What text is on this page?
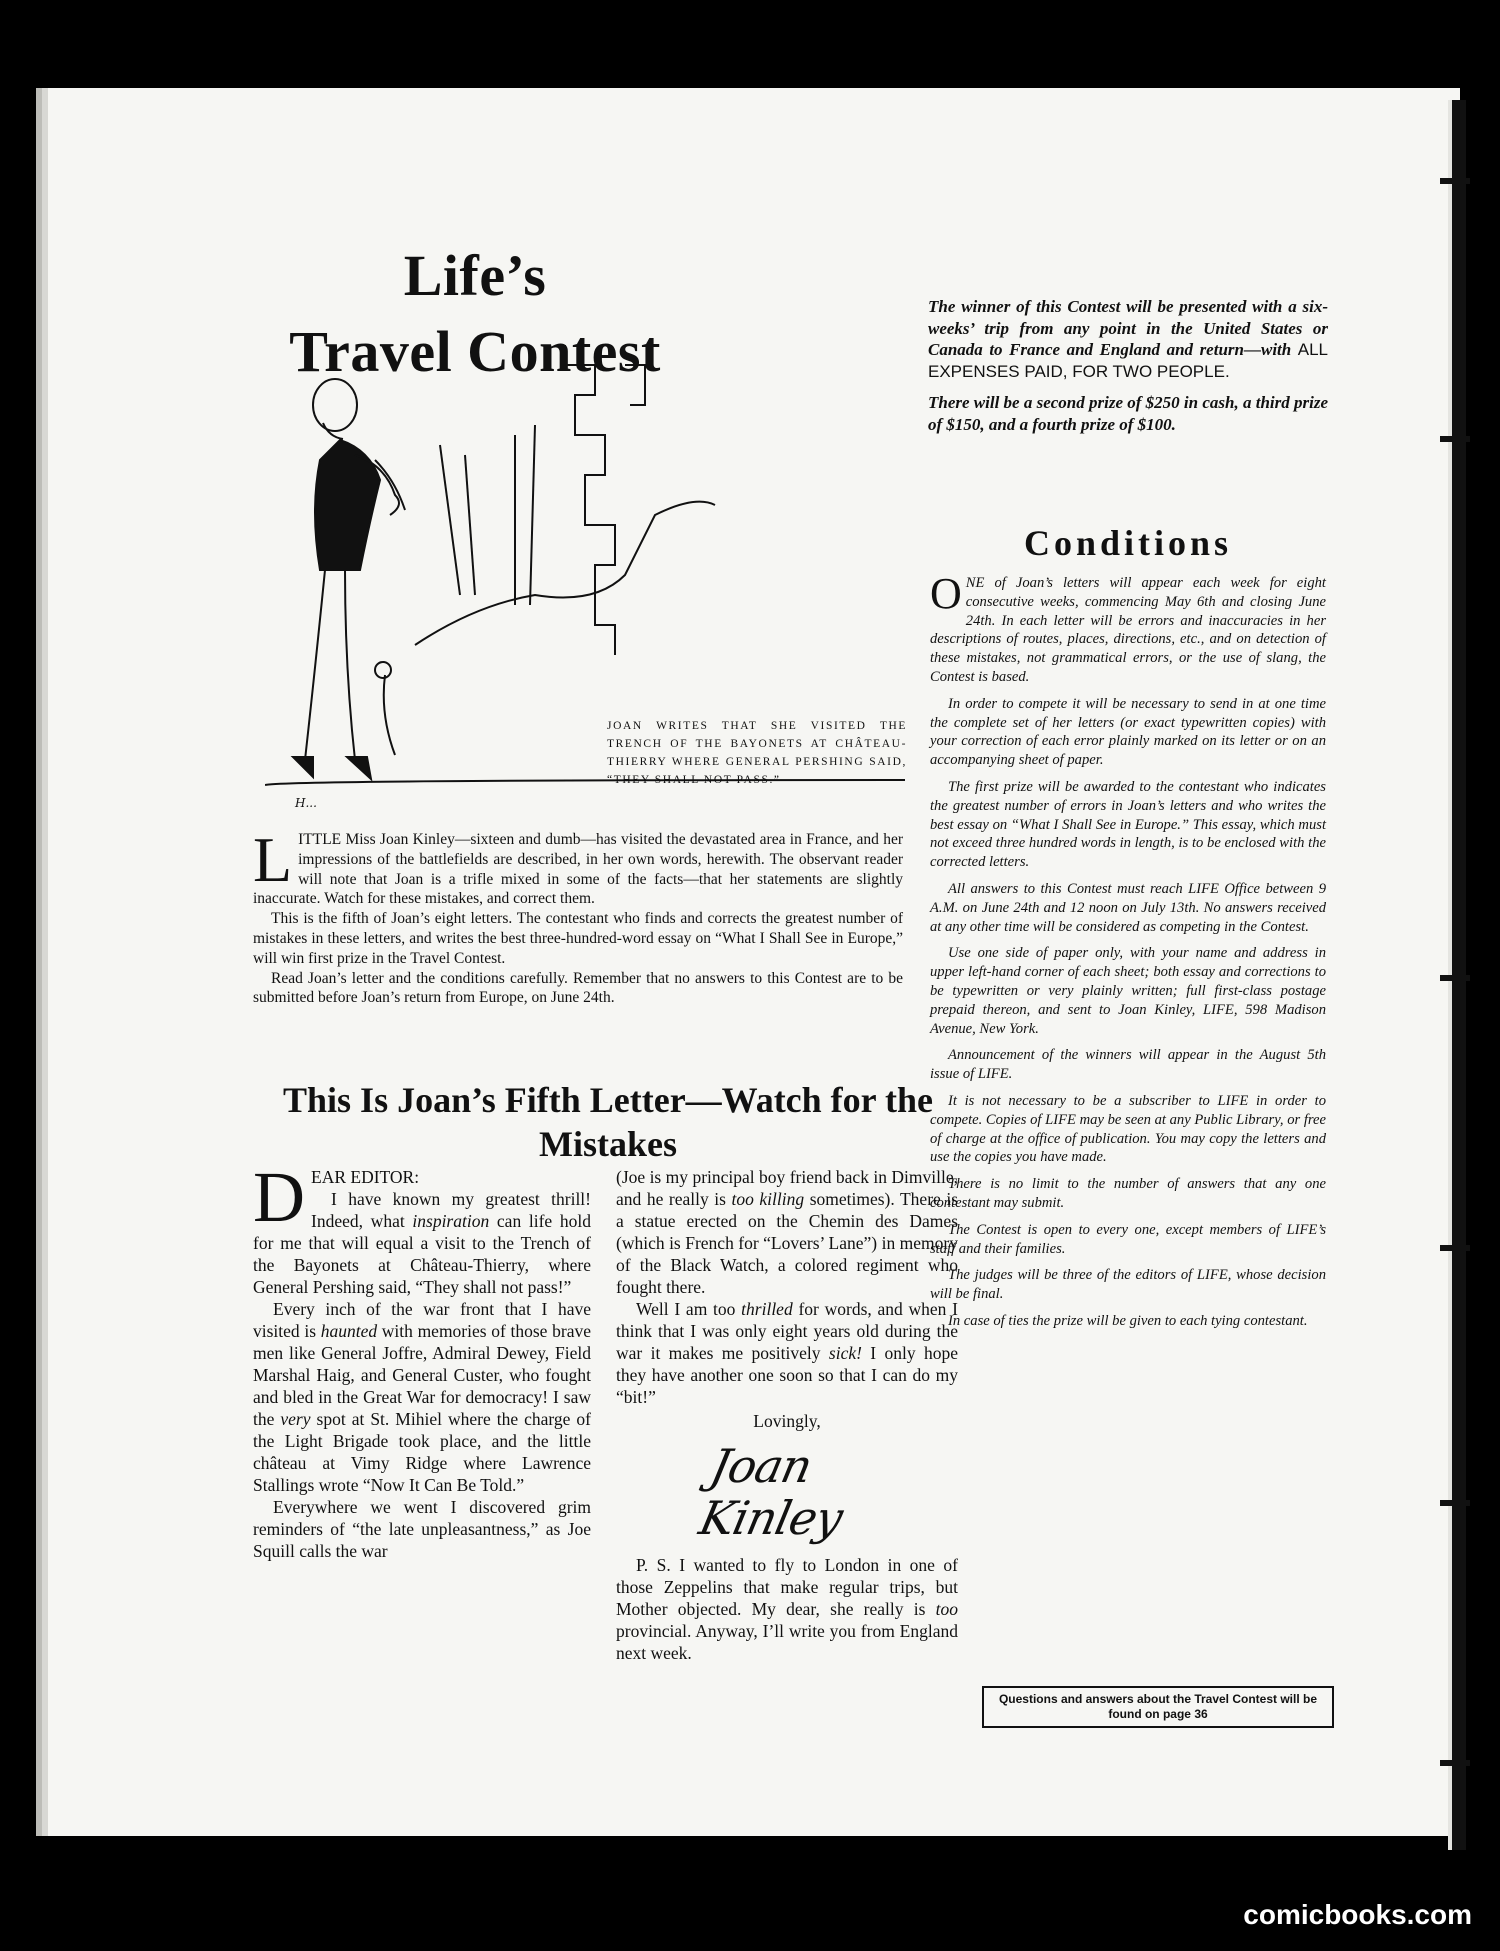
Life’s
Travel Contest
H...
JOAN WRITES THAT SHE VISITED THE TRENCH OF THE BAYONETS AT CHÂTEAU-THIERRY WHERE GENERAL PERSHING SAID, “THEY SHALL NOT PASS.”

LITTLE Miss Joan Kinley—sixteen and dumb—has visited the devastated area in France, and her impressions of the battlefields are described, in her own words, herewith. The observant reader will note that Joan is a trifle mixed in some of the facts—that her statements are slightly inaccurate. Watch for these mistakes, and correct them.

This is the fifth of Joan’s eight letters. The contestant who finds and corrects the greatest number of mistakes in these letters, and writes the best three-hundred-word essay on “What I Shall See in Europe,” will win first prize in the Travel Contest.

Read Joan’s letter and the conditions carefully. Remember that no answers to this Contest are to be submitted before Joan’s return from Europe, on June 24th.

This Is Joan’s Fifth Letter—Watch for the Mistakes

DEAR EDITOR:

I have known my greatest thrill! Indeed, what inspiration can life hold for me that will equal a visit to the Trench of the Bayonets at Château-Thierry, where General Pershing said, “They shall not pass!”

Every inch of the war front that I have visited is haunted with memories of those brave men like General Joffre, Admiral Dewey, Field Marshal Haig, and General Custer, who fought and bled in the Great War for democracy! I saw the very spot at St. Mihiel where the charge of the Light Brigade took place, and the little château at Vimy Ridge where Lawrence Stallings wrote “Now It Can Be Told.”

Everywhere we went I discovered grim reminders of “the late unpleasantness,” as Joe Squill calls the war

(Joe is my principal boy friend back in Dimville, and he really is too killing sometimes). There is a statue erected on the Chemin des Dames (which is French for “Lovers’ Lane”) in memory of the Black Watch, a colored regiment who fought there.

Well I am too thrilled for words, and when I think that I was only eight years old during the war it makes me positively sick! I only hope they have another one soon so that I can do my “bit!”

Lovingly,
Joan Kinley

P. S. I wanted to fly to London in one of those Zeppelins that make regular trips, but Mother objected. My dear, she really is too provincial. Anyway, I’ll write you from England next week.

The winner of this Contest will be presented with a six-weeks’ trip from any point in the United States or Canada to France and England and return—with ALL EXPENSES PAID, FOR TWO PEOPLE.

There will be a second prize of $250 in cash, a third prize of $150, and a fourth prize of $100.

Conditions

ONE of Joan’s letters will appear each week for eight consecutive weeks, commencing May 6th and closing June 24th. In each letter will be errors and inaccuracies in her descriptions of routes, places, directions, etc., and on detection of these mistakes, not grammatical errors, or the use of slang, the Contest is based.

In order to compete it will be necessary to send in at one time the complete set of her letters (or exact typewritten copies) with your correction of each error plainly marked on its letter or on an accompanying sheet of paper.

The first prize will be awarded to the contestant who indicates the greatest number of errors in Joan’s letters and who writes the best essay on “What I Shall See in Europe.” This essay, which must not exceed three hundred words in length, is to be enclosed with the corrected letters.

All answers to this Contest must reach LIFE Office between 9 A.M. on June 24th and 12 noon on July 13th. No answers received at any other time will be considered as competing in the Contest.

Use one side of paper only, with your name and address in upper left-hand corner of each sheet; both essay and corrections to be typewritten or very plainly written; full first-class postage prepaid thereon, and sent to Joan Kinley, LIFE, 598 Madison Avenue, New York.

Announcement of the winners will appear in the August 5th issue of LIFE.

It is not necessary to be a subscriber to LIFE in order to compete. Copies of LIFE may be seen at any Public Library, or free of charge at the office of publication. You may copy the letters and use the copies you have made.

There is no limit to the number of answers that any one contestant may submit.

The Contest is open to every one, except members of LIFE’s staff and their families.

The judges will be three of the editors of LIFE, whose decision will be final.

In case of ties the prize will be given to each tying contestant.

Questions and answers about the Travel Contest will be found on page 36
comicbooks.com
